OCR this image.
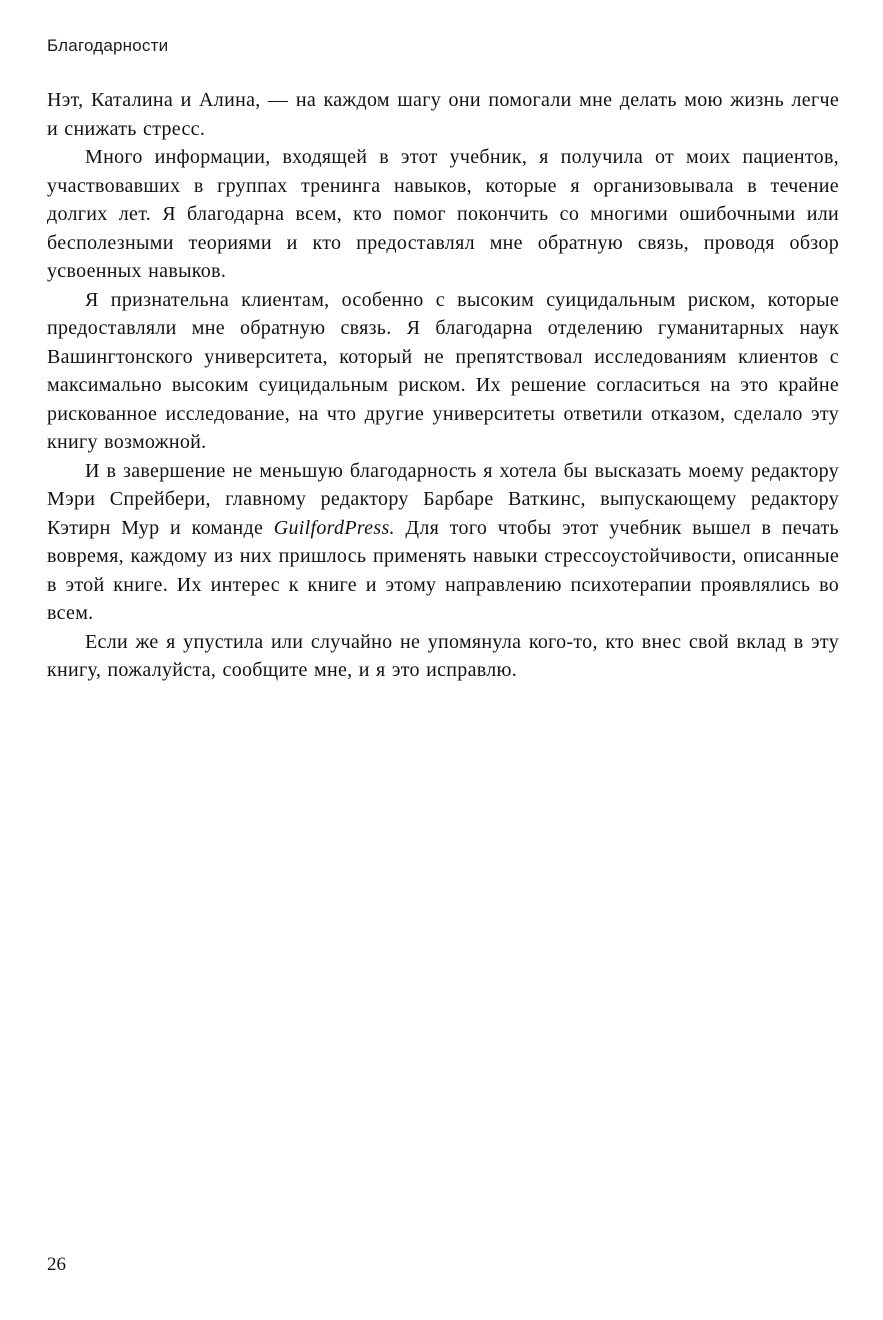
Благодарности

Нэт, Каталина и Алина, — на каждом шагу они помогали мне делать мою жизнь легче и снижать стресс.

Много информации, входящей в этот учебник, я получила от моих пациентов, участвовавших в группах тренинга навыков, которые я организовывала в течение долгих лет. Я благодарна всем, кто помог покончить со многими ошибочными или бесполезными теориями и кто предоставлял мне обратную связь, проводя обзор усвоенных навыков.

Я признательна клиентам, особенно с высоким суицидальным риском, которые предоставляли мне обратную связь. Я благодарна отделению гуманитарных наук Вашингтонского университета, который не препятствовал исследованиям клиентов с максимально высоким суицидальным риском. Их решение согласиться на это крайне рискованное исследование, на что другие университеты ответили отказом, сделало эту книгу возможной.

И в завершение не меньшую благодарность я хотела бы высказать моему редактору Мэри Спрейбери, главному редактору Барбаре Ваткинс, выпускающему редактору Кэтирн Мур и команде GuilfordPress. Для того чтобы этот учебник вышел в печать вовремя, каждому из них пришлось применять навыки стрессоустойчивости, описанные в этой книге. Их интерес к книге и этому направлению психотерапии проявлялись во всем.

Если же я упустила или случайно не упомянула кого-то, кто внес свой вклад в эту книгу, пожалуйста, сообщите мне, и я это исправлю.

26
